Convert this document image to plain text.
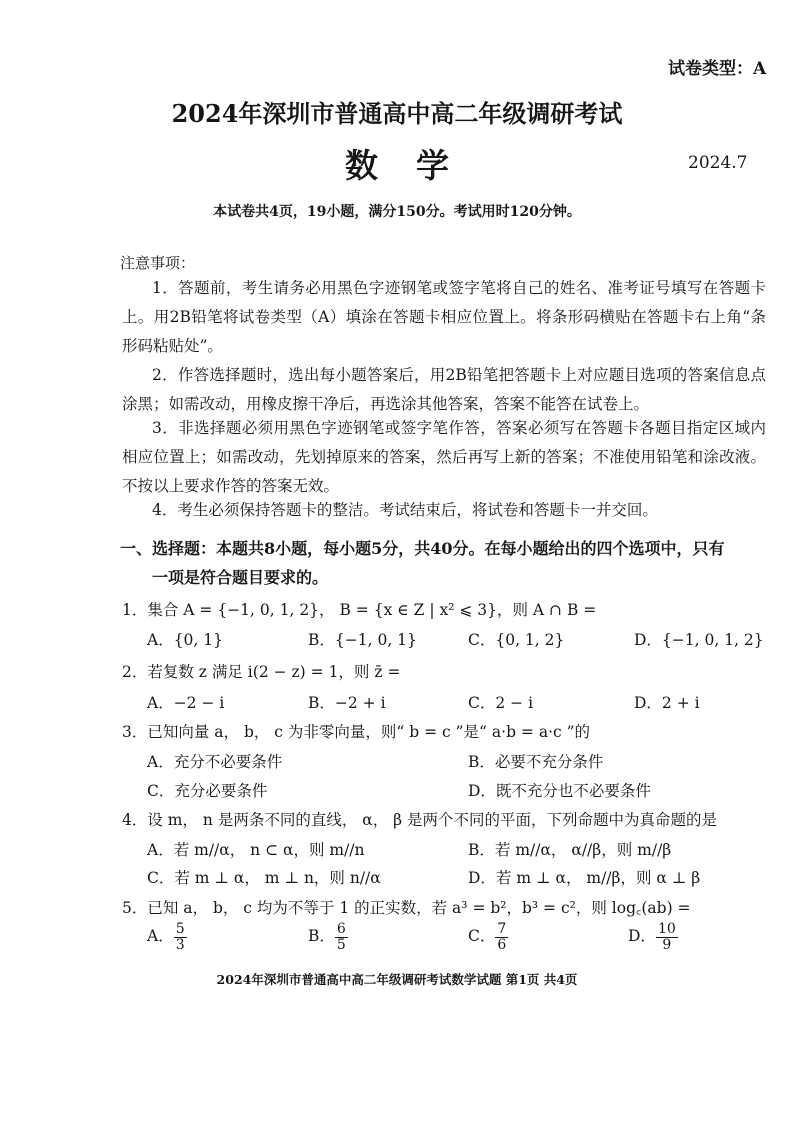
试卷类型：A
2024年深圳市普通高中高二年级调研考试
数学	2024.7
本试卷共4页，19小题，满分150分。考试用时120分钟。
注意事项：
1．答题前，考生请务必用黑色字迹钢笔或签字笔将自己的姓名、准考证号填写在答题卡上。用2B铅笔将试卷类型（A）填涂在答题卡相应位置上。将条形码横贴在答题卡右上角“条形码粘贴处”。
2．作答选择题时，选出每小题答案后，用2B铅笔把答题卡上对应题目选项的答案信息点涂黑；如需改动，用橡皮擦干净后，再选涂其他答案，答案不能答在试卷上。
3．非选择题必须用黑色字迹钢笔或签字笔作答，答案必须写在答题卡各题目指定区域内相应位置上；如需改动，先划掉原来的答案，然后再写上新的答案；不准使用铅笔和涂改液。不按以上要求作答的答案无效。
4．考生必须保持答题卡的整洁。考试结束后，将试卷和答题卡一并交回。
一、选择题：本题共8小题，每小题5分，共40分。在每小题给出的四个选项中，只有
一项是符合题目要求的。
1．集合 A = {−1, 0, 1, 2}， B = {x ∈ Z | x² ⩽ 3}，则 A ∩ B =
A．{0, 1}	B．{−1, 0, 1}	C．{0, 1, 2}	D．{−1, 0, 1, 2}
2．若复数 z 满足 i(2 − z) = 1，则 z̄ =
A．−2 − i	B．−2 + i	C．2 − i	D．2 + i
3．已知向量 a， b， c 为非零向量，则“ b = c ”是“ a·b = a·c ”的
A．充分不必要条件	B．必要不充分条件
C．充分必要条件	D．既不充分也不必要条件
4．设 m， n 是两条不同的直线， α， β 是两个不同的平面，下列命题中为真命题的是
A．若 m//α， n ⊂ α，则 m//n	B．若 m//α， α//β，则 m//β
C．若 m ⊥ α， m ⊥ n，则 n//α	D．若 m ⊥ α， m//β，则 α ⊥ β
5．已知 a， b， c 均为不等于 1 的正实数，若 a³ = b²，b³ = c²，则 log꜀(ab) =
A． $\frac{5}{3}$	B． $\frac{6}{5}$	C． $\frac{7}{6}$	D． $\frac{10}{9}$
2024年深圳市普通高中高二年级调研考试数学试题 第1页 共4页
